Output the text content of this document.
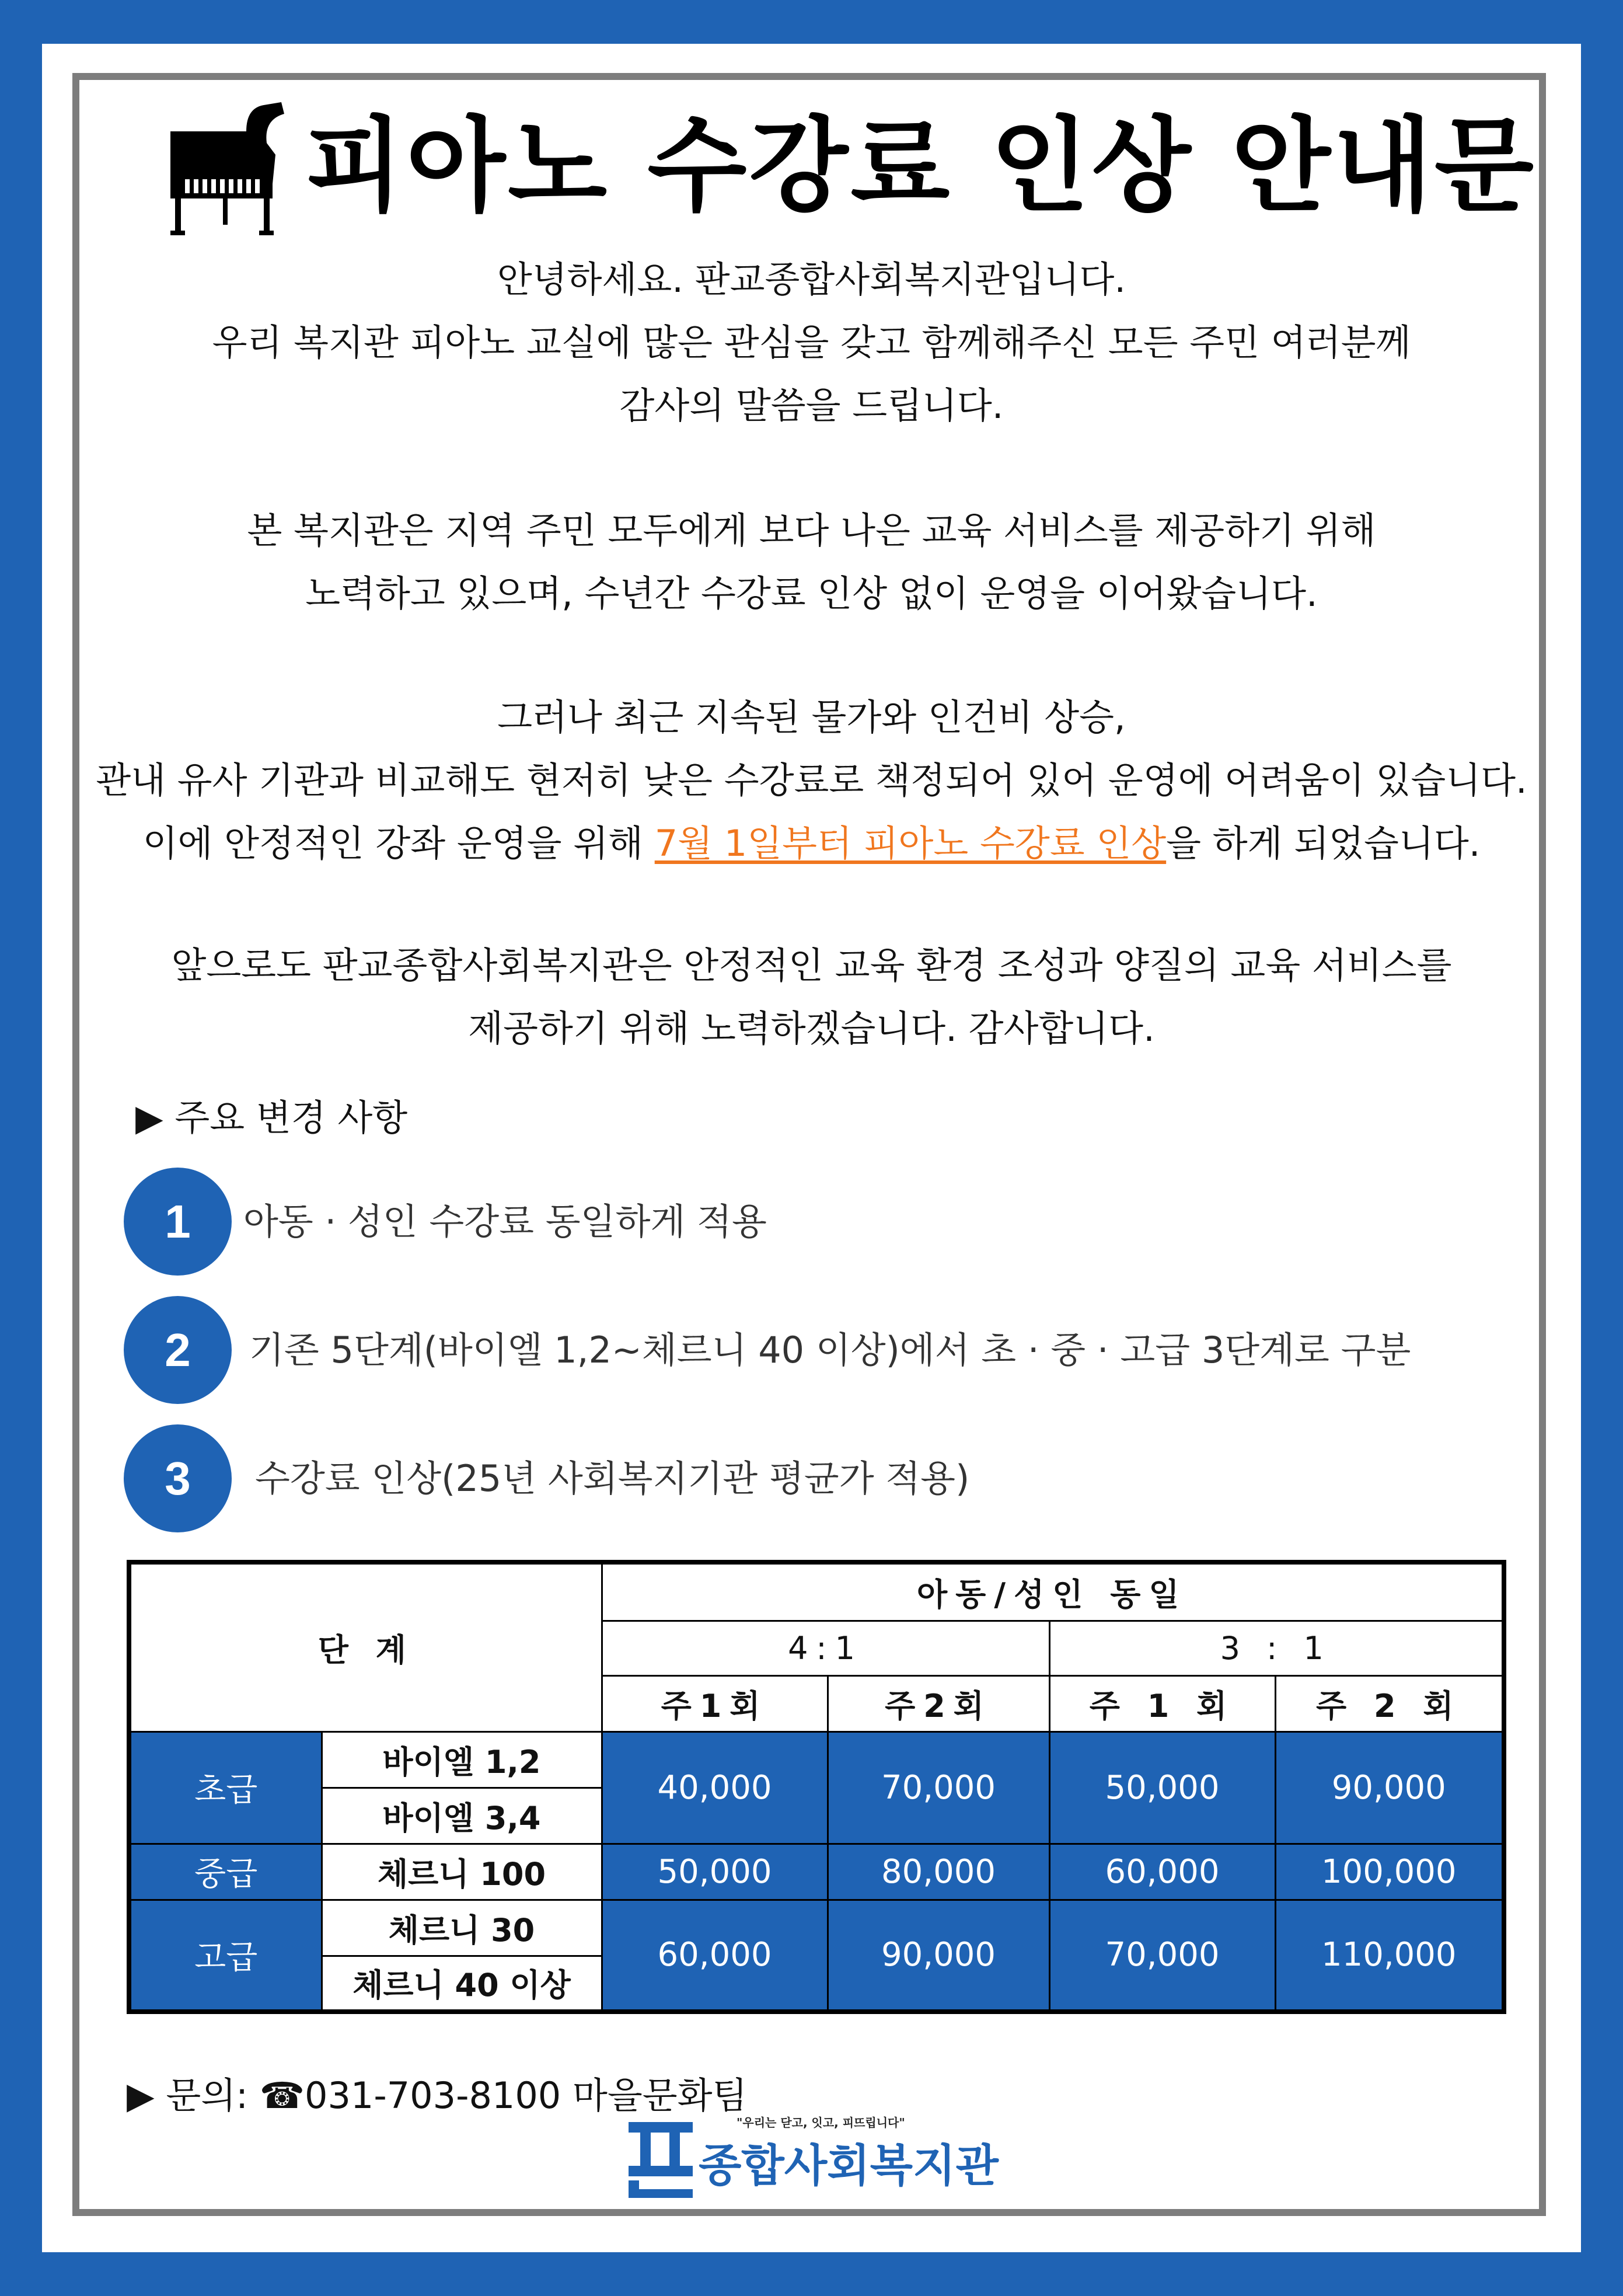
피아노 수강료 인상 안내문

안녕하세요. 판교종합사회복지관입니다.

우리 복지관 피아노 교실에 많은 관심을 갖고 함께해주신 모든 주민 여러분께

감사의 말씀을 드립니다.

본 복지관은 지역 주민 모두에게 보다 나은 교육 서비스를 제공하기 위해

노력하고 있으며, 수년간 수강료 인상 없이 운영을 이어왔습니다.

그러나 최근 지속된 물가와 인건비 상승,

관내 유사 기관과 비교해도 현저히 낮은 수강료로 책정되어 있어 운영에 어려움이 있습니다.

이에 안정적인 강좌 운영을 위해 7월 1일부터 피아노 수강료 인상을 하게 되었습니다.

앞으로도 판교종합사회복지관은 안정적인 교육 환경 조성과 양질의 교육 서비스를

제공하기 위해 노력하겠습니다. 감사합니다.

▶ 주요 변경 사항
1	아동 · 성인 수강료 동일하게 적용
2	기존 5단계(바이엘 1,2~체르니 40 이상)에서 초 · 중 · 고급 3단계로 구분
3	수강료 인상(25년 사회복지기관 평균가 적용)
단 계		아동/성인 동일			
		4:1		3 : 1	
		주1회	주2회	주 1 회	주 2 회
초급	바이엘 1,2	40,000	70,000	50,000	90,000
	바이엘 3,4				
중급	체르니 100	50,000	80,000	60,000	100,000
고급	체르니 30	60,000	90,000	70,000	110,000
	체르니 40 이상				
▶ 문의: ☎031-703-8100 마을문화팀
"우리는 닫고, 잇고, 피뜨립니다"
종합사회복지관
